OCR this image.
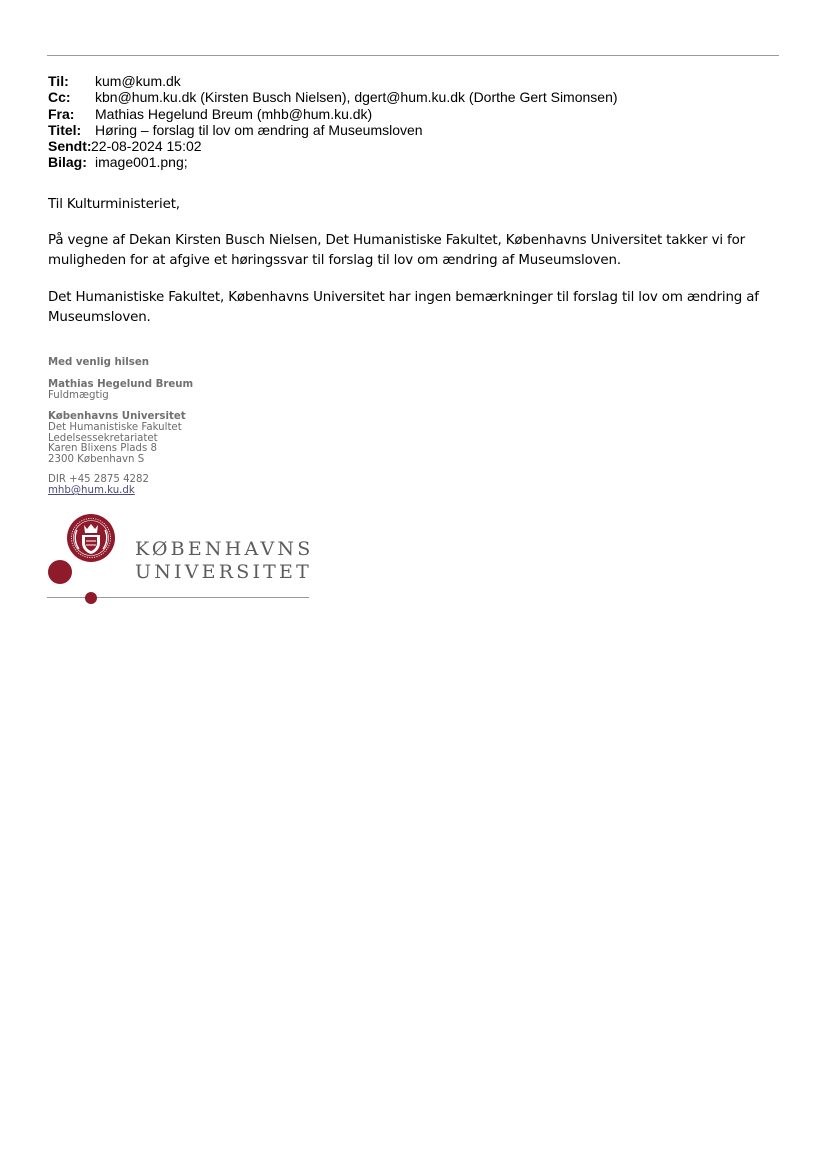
Til:	kum@kum.dk
Cc:	kbn@hum.ku.dk (Kirsten Busch Nielsen), dgert@hum.ku.dk (Dorthe Gert Simonsen)
Fra:	Mathias Hegelund Breum (mhb@hum.ku.dk)
Titel: Høring – forslag til lov om ændring af Museumsloven
Sendt: 22-08-2024 15:02
Bilag: image001.png;
Til Kulturministeriet,
På vegne af Dekan Kirsten Busch Nielsen, Det Humanistiske Fakultet, Københavns Universitet takker vi for muligheden for at afgive et høringssvar til forslag til lov om ændring af Museumsloven.
Det Humanistiske Fakultet, Københavns Universitet har ingen bemærkninger til forslag til lov om ændring af Museumsloven.
Med venlig hilsen
Mathias Hegelund Breum
Fuldmægtig
Københavns Universitet
Det Humanistiske Fakultet
Ledelsessekretariatet
Karen Blixens Plads 8
2300 København S
DIR +45 2875 4282
mhb@hum.ku.dk
KØBENHAVNS
UNIVERSITET
